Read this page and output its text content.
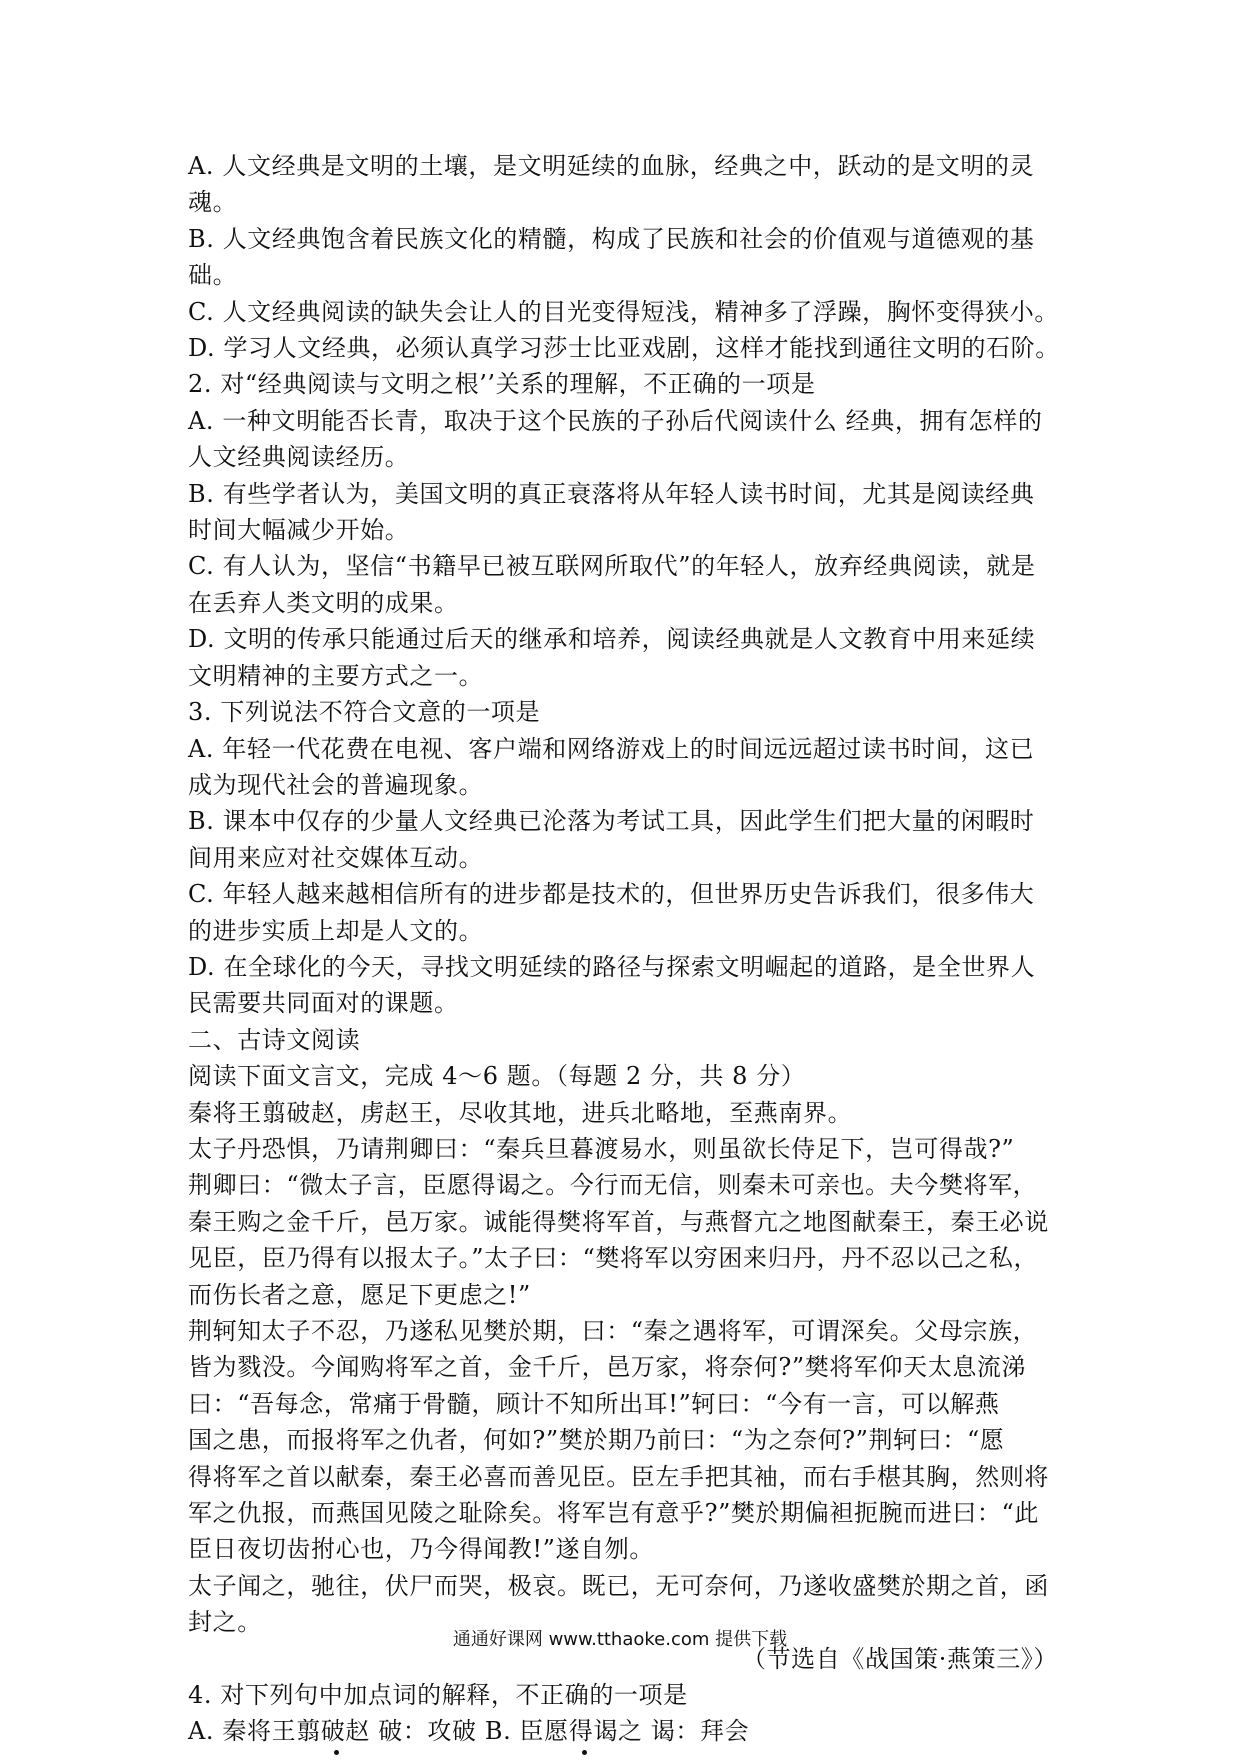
A. 人文经典是文明的土壤，是文明延续的血脉，经典之中，跃动的是文明的灵
魂。
B. 人文经典饱含着民族文化的精髓，构成了民族和社会的价值观与道德观的基
础。
C. 人文经典阅读的缺失会让人的目光变得短浅，精神多了浮躁，胸怀变得狭小。
D. 学习人文经典，必须认真学习莎士比亚戏剧，这样才能找到通往文明的石阶。
2. 对“经典阅读与文明之根’’关系的理解，不正确的一项是
A. 一种文明能否长青，取决于这个民族的子孙后代阅读什么 经典，拥有怎样的
人文经典阅读经历。
B. 有些学者认为，美国文明的真正衰落将从年轻人读书时间，尤其是阅读经典
时间大幅减少开始。
C. 有人认为，坚信“书籍早已被互联网所取代”的年轻人，放弃经典阅读，就是
在丢弃人类文明的成果。
D. 文明的传承只能通过后天的继承和培养，阅读经典就是人文教育中用来延续
文明精神的主要方式之一。
3. 下列说法不符合文意的一项是
A. 年轻一代花费在电视、客户端和网络游戏上的时间远远超过读书时间，这已
成为现代社会的普遍现象。
B. 课本中仅存的少量人文经典已沦落为考试工具，因此学生们把大量的闲暇时
间用来应对社交媒体互动。
C. 年轻人越来越相信所有的进步都是技术的，但世界历史告诉我们，很多伟大
的进步实质上却是人文的。
D. 在全球化的今天，寻找文明延续的路径与探索文明崛起的道路，是全世界人
民需要共同面对的课题。
二、古诗文阅读
阅读下面文言文，完成 4～6 题。（每题 2 分，共 8 分）
秦将王翦破赵，虏赵王，尽收其地，进兵北略地，至燕南界。
太子丹恐惧，乃请荆卿曰：“秦兵旦暮渡易水，则虽欲长侍足下，岂可得哉?”
荆卿曰：“微太子言，臣愿得谒之。今行而无信，则秦未可亲也。夫今樊将军，
秦王购之金千斤，邑万家。诚能得樊将军首，与燕督亢之地图献秦王，秦王必说
见臣，臣乃得有以报太子。”太子曰：“樊将军以穷困来归丹，丹不忍以己之私，
而伤长者之意，愿足下更虑之!”
荆轲知太子不忍，乃遂私见樊於期，曰：“秦之遇将军，可谓深矣。父母宗族，
皆为戮没。今闻购将军之首，金千斤，邑万家，将奈何?”樊将军仰天太息流涕
曰：“吾每念，常痛于骨髓，顾计不知所出耳!”轲曰：“今有一言，可以解燕
国之患，而报将军之仇者，何如?”樊於期乃前曰：“为之奈何?”荆轲曰：“愿
得将军之首以献秦，秦王必喜而善见臣。臣左手把其袖，而右手椹其胸，然则将
军之仇报，而燕国见陵之耻除矣。将军岂有意乎?”樊於期偏袒扼腕而进曰：“此
臣日夜切齿拊心也，乃今得闻教!”遂自刎。
太子闻之，驰往，伏尸而哭，极哀。既已，无可奈何，乃遂收盛樊於期之首，函
封之。
（节选自《战国策·燕策三》）
4. 对下列句中加点词的解释，不正确的一项是
A. 秦将王翦破赵 破：攻破 B. 臣愿得谒之 谒：拜会
通通好课网 www.tthaoke.com 提供下载
